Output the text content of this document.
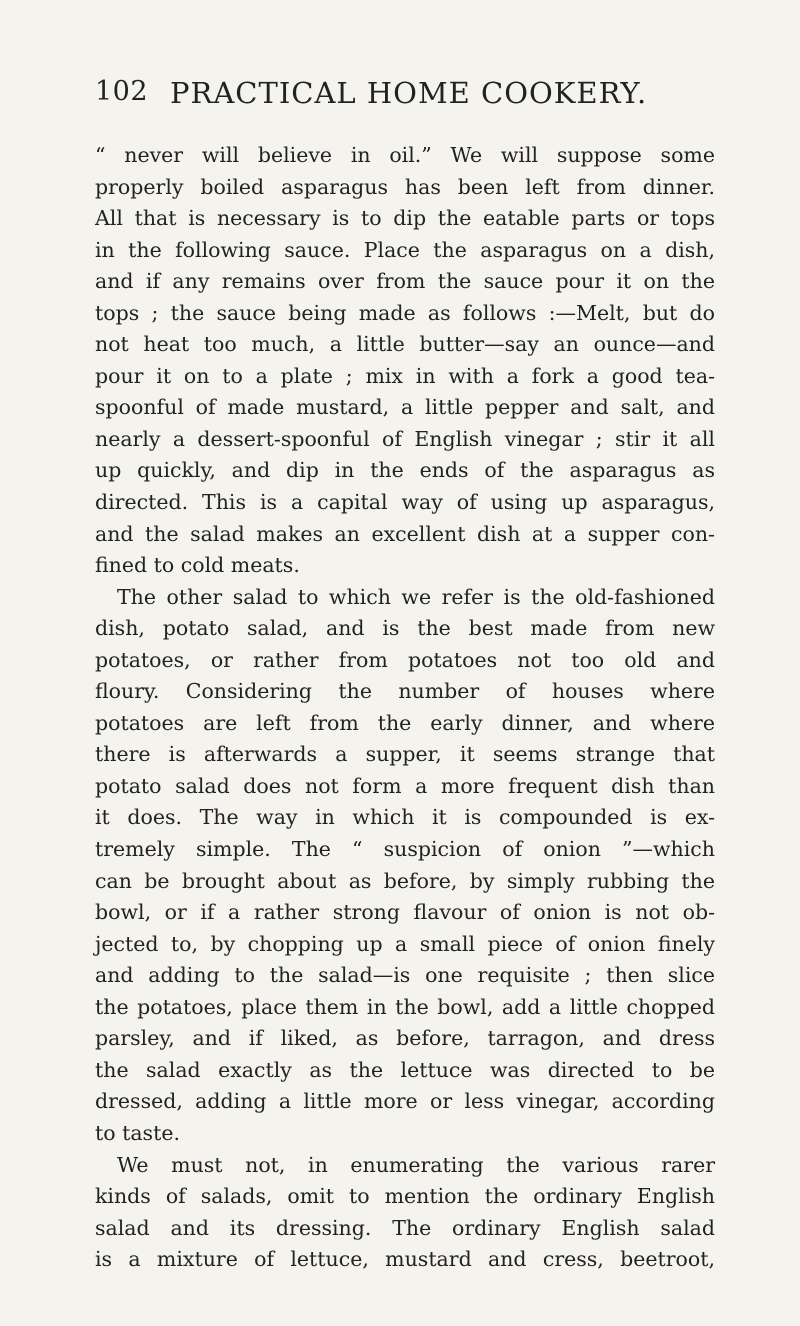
102 PRACTICAL HOME COOKERY.
“ never will believe in oil.” We will suppose some
properly boiled asparagus has been left from dinner.
All that is necessary is to dip the eatable parts or tops
in the following sauce. Place the asparagus on a dish,
and if any remains over from the sauce pour it on the
tops ; the sauce being made as follows :—Melt, but do
not heat too much, a little butter—say an ounce—and
pour it on to a plate ; mix in with a fork a good tea-
spoonful of made mustard, a little pepper and salt, and
nearly a dessert-spoonful of English vinegar ; stir it all
up quickly, and dip in the ends of the asparagus as
directed. This is a capital way of using up asparagus,
and the salad makes an excellent dish at a supper con-
fined to cold meats.
The other salad to which we refer is the old-fashioned
dish, potato salad, and is the best made from new
potatoes, or rather from potatoes not too old and
floury. Considering the number of houses where
potatoes are left from the early dinner, and where
there is afterwards a supper, it seems strange that
potato salad does not form a more frequent dish than
it does. The way in which it is compounded is ex-
tremely simple. The “ suspicion of onion ”—which
can be brought about as before, by simply rubbing the
bowl, or if a rather strong flavour of onion is not ob-
jected to, by chopping up a small piece of onion finely
and adding to the salad—is one requisite ; then slice
the potatoes, place them in the bowl, add a little chopped
parsley, and if liked, as before, tarragon, and dress
the salad exactly as the lettuce was directed to be
dressed, adding a little more or less vinegar, according
to taste.
We must not, in enumerating the various rarer
kinds of salads, omit to mention the ordinary English
salad and its dressing. The ordinary English salad
is a mixture of lettuce, mustard and cress, beetroot,
